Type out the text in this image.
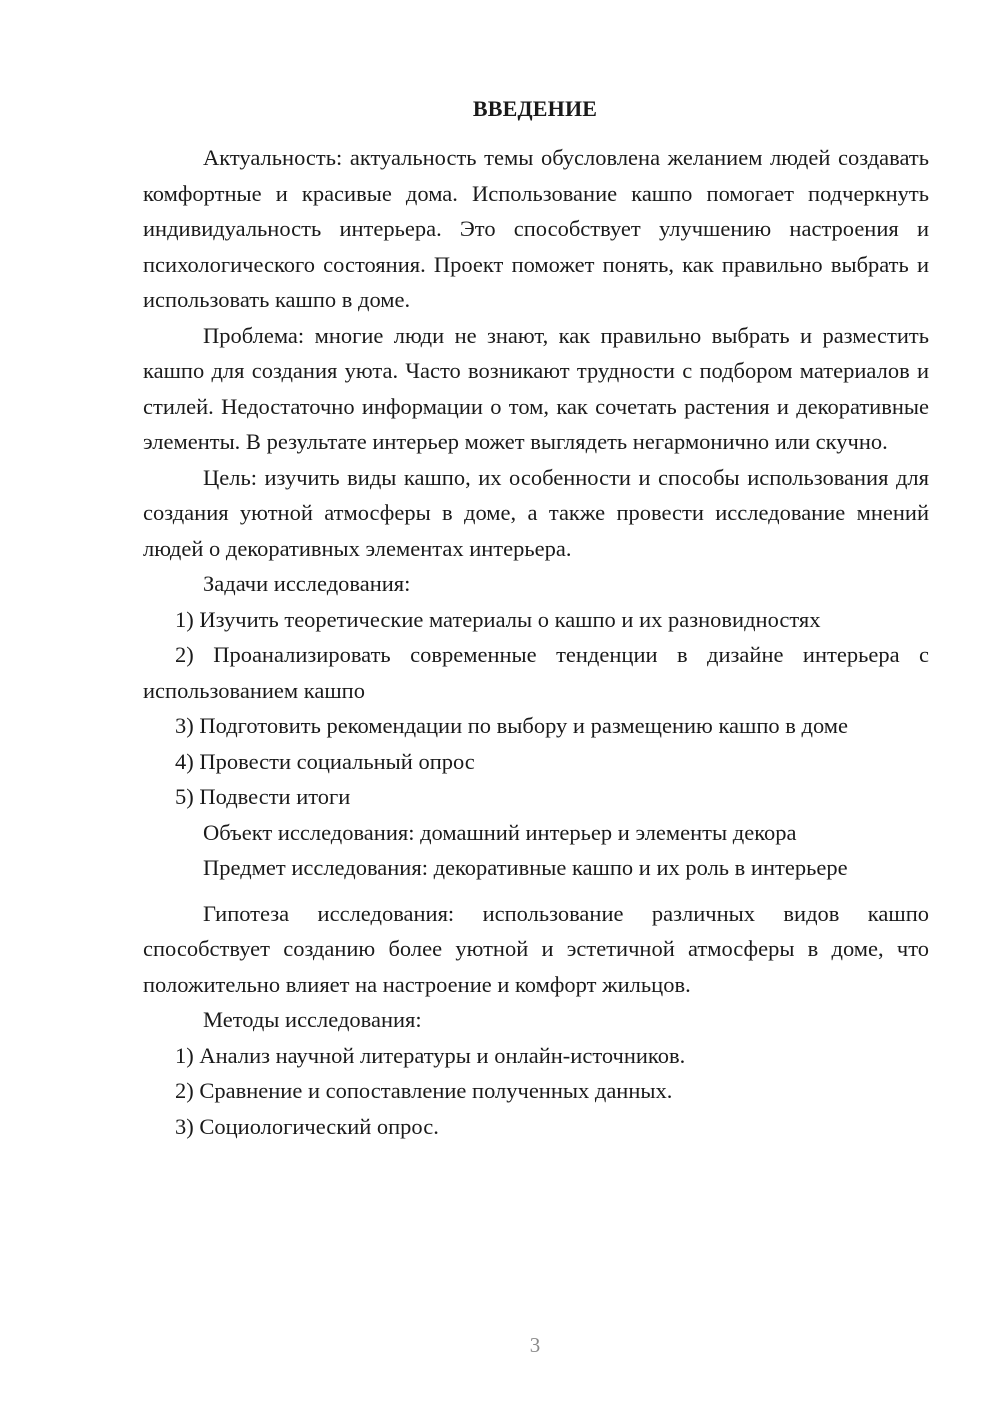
ВВЕДЕНИЕ

Актуальность: актуальность темы обусловлена желанием людей создавать комфортные и красивые дома. Использование кашпо помогает подчеркнуть индивидуальность интерьера. Это способствует улучшению настроения и психологического состояния. Проект поможет понять, как правильно выбрать и использовать кашпо в доме.

Проблема: многие люди не знают, как правильно выбрать и разместить кашпо для создания уюта. Часто возникают трудности с подбором материалов и стилей. Недостаточно информации о том, как сочетать растения и декоративные элементы. В результате интерьер может выглядеть негармонично или скучно.

Цель: изучить виды кашпо, их особенности и способы использования для создания уютной атмосферы в доме, а также провести исследование мнений людей о декоративных элементах интерьера.

Задачи исследования:

1) Изучить теоретические материалы о кашпо и их разновидностях

2) Проанализировать современные тенденции в дизайне интерьера с использованием кашпо

3) Подготовить рекомендации по выбору и размещению кашпо в доме

4) Провести социальный опрос

5) Подвести итоги

Объект исследования: домашний интерьер и элементы декора

Предмет исследования: декоративные кашпо и их роль в интерьере

Гипотеза исследования: использование различных видов кашпо способствует созданию более уютной и эстетичной атмосферы в доме, что положительно влияет на настроение и комфорт жильцов.

Методы исследования:

1) Анализ научной литературы и онлайн-источников.

2) Сравнение и сопоставление полученных данных.

3) Социологический опрос.

3
